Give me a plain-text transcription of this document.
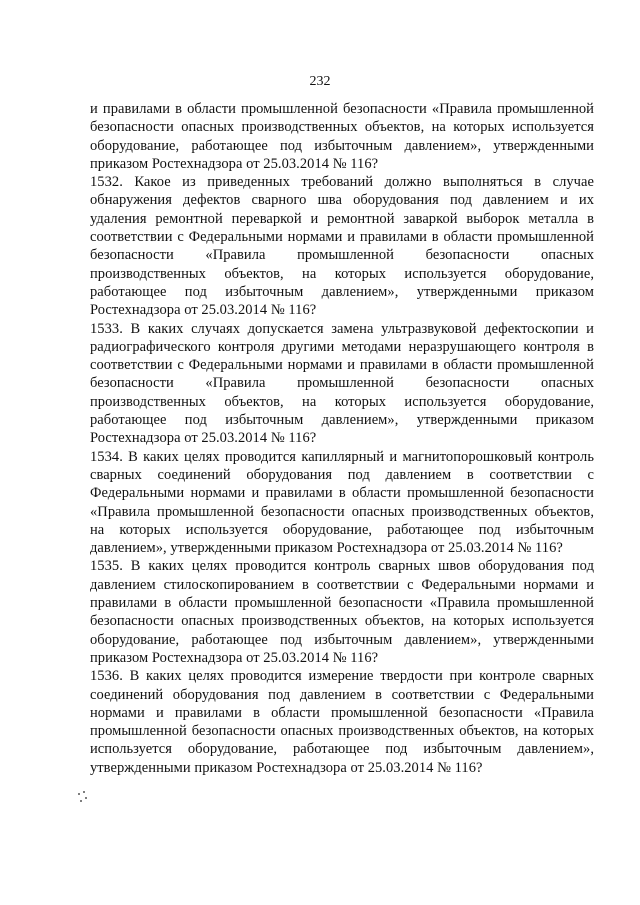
232

и правилами в области промышленной безопасности «Правила промышленной безопасности опасных производственных объектов, на которых используется оборудование, работающее под избыточным давлением», утвержденными приказом Ростехнадзора от 25.03.2014 № 116?

1532. Какое из приведенных требований должно выполняться в случае обнаружения дефектов сварного шва оборудования под давлением и их удаления ремонтной переваркой и ремонтной заваркой выборок металла в соответствии с Федеральными нормами и правилами в области промышленной безопасности «Правила промышленной безопасности опасных производственных объектов, на которых используется оборудование, работающее под избыточным давлением», утвержденными приказом Ростехнадзора от 25.03.2014 № 116?

1533. В каких случаях допускается замена ультразвуковой дефектоскопии и радиографического контроля другими методами неразрушающего контроля в соответствии с Федеральными нормами и правилами в области промышленной безопасности «Правила промышленной безопасности опасных производственных объектов, на которых используется оборудование, работающее под избыточным давлением», утвержденными приказом Ростехнадзора от 25.03.2014 № 116?

1534. В каких целях проводится капиллярный и магнитопорошковый контроль сварных соединений оборудования под давлением в соответствии с Федеральными нормами и правилами в области промышленной безопасности «Правила промышленной безопасности опасных производственных объектов, на которых используется оборудование, работающее под избыточным давлением», утвержденными приказом Ростехнадзора от 25.03.2014 № 116?

1535. В каких целях проводится контроль сварных швов оборудования под давлением стилоскопированием в соответствии с Федеральными нормами и правилами в области промышленной безопасности «Правила промышленной безопасности опасных производственных объектов, на которых используется оборудование, работающее под избыточным давлением», утвержденными приказом Ростехнадзора от 25.03.2014 № 116?

1536. В каких целях проводится измерение твердости при контроле сварных соединений оборудования под давлением в соответствии с Федеральными нормами и правилами в области промышленной безопасности «Правила промышленной безопасности опасных производственных объектов, на которых используется оборудование, работающее под избыточным давлением», утвержденными приказом Ростехнадзора от 25.03.2014 № 116?
